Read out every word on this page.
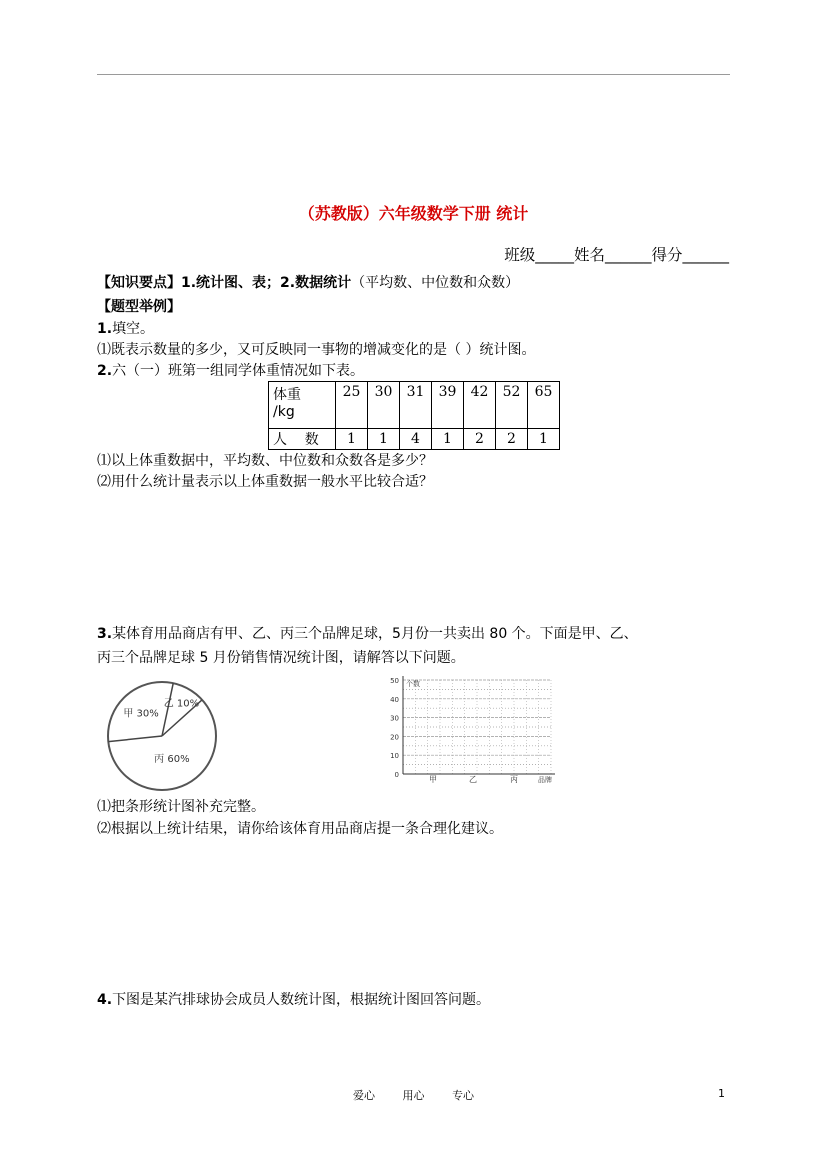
（苏教版）六年级数学下册 统计
班级_____姓名______得分______
【知识要点】1.统计图、表；2.数据统计（平均数、中位数和众数）
【题型举例】
1.填空。
⑴既表示数量的多少，又可反映同一事物的增减变化的是（ ）统计图。
2.六（一）班第一组同学体重情况如下表。
体重
/kg	25	30	31	39	42	52	65
人    数	1	1	4	1	2	2	1
⑴以上体重数据中，平均数、中位数和众数各是多少？
⑵用什么统计量表示以上体重数据一般水平比较合适？
3.某体育用品商店有甲、乙、丙三个品牌足球，5月份一共卖出 80 个。下面是甲、乙、
丙三个品牌足球 5 月份销售情况统计图，请解答以下问题。
甲 30%
乙 10%
丙 60%
0
10
20
30
40
50 个数
甲	乙	丙	品牌
⑴把条形统计图补充完整。
⑵根据以上统计结果，请你给该体育用品商店提一条合理化建议。
4.下图是某汽排球协会成员人数统计图，根据统计图回答问题。
爱心	用心	专心	1
